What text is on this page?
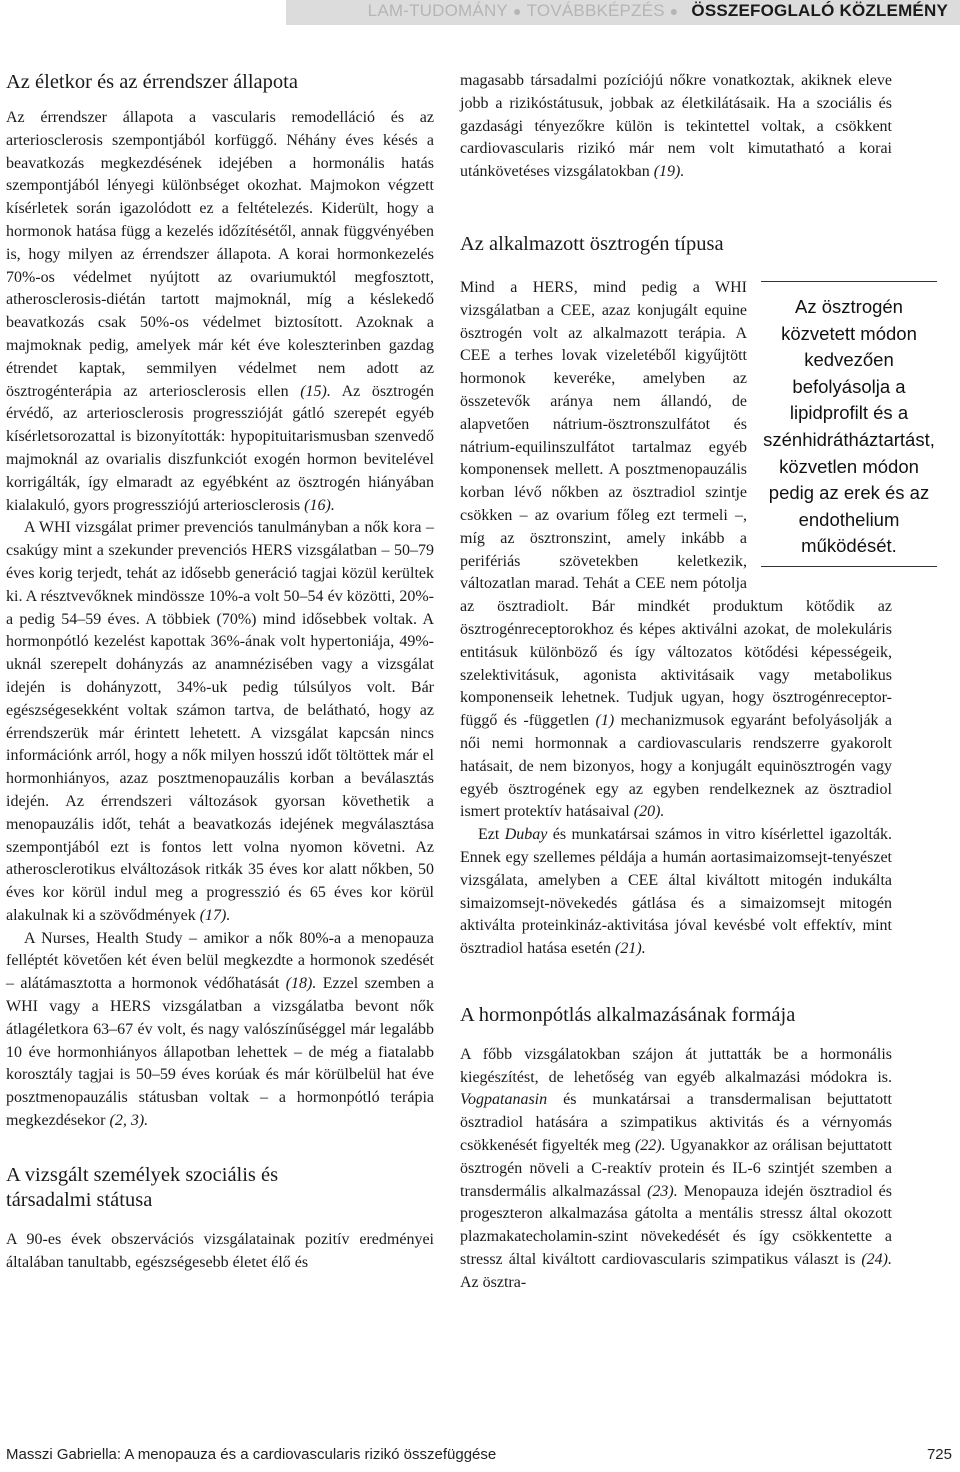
LAM-TUDOMÁNY ● TOVÁBBKÉPZÉS ● ÖSSZEFOGLALÓ KÖZLEMÉNY
Az életkor és az érrendszer állapota

Az érrendszer állapota a vascularis remodelláció és az arteriosclerosis szempontjából korfüggő. Néhány éves késés a beavatkozás megkezdésének idejében a hormonális hatás szempontjából lényegi különbséget okozhat. Majmokon végzett kísérletek során igazolódott ez a feltételezés. Kiderült, hogy a hormonok hatása függ a kezelés időzítésétől, annak függvényében is, hogy milyen az érrendszer állapota. A korai hormonkezelés 70%-os védelmet nyújtott az ovariumuktól megfosztott, atherosclerosis-diétán tartott majmoknál, míg a késlekedő beavatkozás csak 50%-os védelmet biztosított. Azoknak a majmoknak pedig, amelyek már két éve koleszterinben gazdag étrendet kaptak, semmilyen védelmet nem adott az ösztrogénterápia az arteriosclerosis ellen (15). Az ösztrogén érvédő, az arteriosclerosis progresszióját gátló szerepét egyéb kísérletsorozattal is bizonyították: hypopituitarismusban szenvedő majmoknál az ovarialis diszfunkciót exogén hormon bevitelével korrigálták, így elmaradt az egyébként az ösztrogén hiányában kialakuló, gyors progressziójú arteriosclerosis (16).

A WHI vizsgálat primer prevenciós tanulmányban a nők kora – csakúgy mint a szekunder prevenciós HERS vizsgálatban – 50–79 éves korig terjedt, tehát az idősebb generáció tagjai közül kerültek ki. A résztvevőknek mindössze 10%-a volt 50–54 év közötti, 20%-a pedig 54–59 éves. A többiek (70%) mind idősebbek voltak. A hormonpótló kezelést kapottak 36%-ának volt hypertoniája, 49%-uknál szerepelt dohányzás az anamnézisében vagy a vizsgálat idején is dohányzott, 34%-uk pedig túlsúlyos volt. Bár egészségesekként voltak számon tartva, de belátható, hogy az érrendszerük már érintett lehetett. A vizsgálat kapcsán nincs információnk arról, hogy a nők milyen hosszú időt töltöttek már el hormonhiányos, azaz posztmenopauzális korban a beválasztás idején. Az érrendszeri változások gyorsan követhetik a menopauzális időt, tehát a beavatkozás idejének megválasztása szempontjából ezt is fontos lett volna nyomon követni. Az atherosclerotikus elváltozások ritkák 35 éves kor alatt nőkben, 50 éves kor körül indul meg a progresszió és 65 éves kor körül alakulnak ki a szövődmények (17).

A Nurses, Health Study – amikor a nők 80%-a a menopauza felléptét követően két éven belül megkezdte a hormonok szedését – alátámasztotta a hormonok védőhatását (18). Ezzel szemben a WHI vagy a HERS vizsgálatban a vizsgálatba bevont nők átlagéletkora 63–67 év volt, és nagy valószínűséggel már legalább 10 éve hormonhiányos állapotban lehettek – de még a fiatalabb korosztály tagjai is 50–59 éves korúak és már körülbelül hat éve posztmenopauzális státusban voltak – a hormonpótló terápia megkezdésekor (2, 3).

A vizsgált személyek szociális és társadalmi státusa

A 90-es évek obszervációs vizsgálatainak pozitív eredményei általában tanultabb, egészségesebb életet élő és

magasabb társadalmi pozíciójú nőkre vonatkoztak, akiknek eleve jobb a rizikóstátusuk, jobbak az életkilátásaik. Ha a szociális és gazdasági tényezőkre külön is tekintettel voltak, a csökkent cardiovascularis rizikó már nem volt kimutatható a korai utánkövetéses vizsgálatokban (19).

Az alkalmazott ösztrogén típusa

Az ösztrogén közvetett módon kedvezően befolyásolja a lipidprofilt és a szénhidrátháztartást, közvetlen módon pedig az erek és az endothelium működését.
Mind a HERS, mind pedig a WHI vizsgálatban a CEE, azaz konjugált equine ösztrogén volt az alkalmazott terápia. A CEE a terhes lovak vizeletéből kigyűjtött hormonok keveréke, amelyben az összetevők aránya nem állandó, de alapvetően nátrium-ösztronszulfátot és nátrium-equilinszulfátot tartalmaz egyéb komponensek mellett. A posztmenopauzális korban lévő nőkben az ösztradiol szintje csökken – az ovarium főleg ezt termeli –, míg az ösztronszint, amely inkább a perifériás szövetekben keletkezik, változatlan marad. Tehát a CEE nem pótolja az ösztradiolt. Bár mindkét produktum kötődik az ösztrogénreceptorokhoz és képes aktiválni azokat, de molekuláris entitásuk különböző és így változatos kötődési képességeik, szelektivitásuk, agonista aktivitásaik vagy metabolikus komponenseik lehetnek. Tudjuk ugyan, hogy ösztrogénreceptor-függő és -független (1) mechanizmusok egyaránt befolyásolják a női nemi hormonnak a cardiovascularis rendszerre gyakorolt hatásait, de nem bizonyos, hogy a konjugált equinösztrogén vagy egyéb ösztrogének egy az egyben rendelkeznek az ösztradiol ismert protektív hatásaival (20).

Ezt Dubay és munkatársai számos in vitro kísérlettel igazolták. Ennek egy szellemes példája a humán aortasimaizomsejt-tenyészet vizsgálata, amelyben a CEE által kiváltott mitogén indukálta simaizomsejt-növekedés gátlása és a simaizomsejt mitogén aktiválta proteinkináz-aktivitása jóval kevésbé volt effektív, mint ösztradiol hatása esetén (21).

A hormonpótlás alkalmazásának formája

A főbb vizsgálatokban szájon át juttatták be a hormonális kiegészítést, de lehetőség van egyéb alkalmazási módokra is. Vogpatanasin és munkatársai a transdermalisan bejuttatott ösztradiol hatására a szimpatikus aktivitás és a vérnyomás csökkenését figyelték meg (22). Ugyanakkor az orálisan bejuttatott ösztrogén növeli a C-reaktív protein és IL-6 szintjét szemben a transdermális alkalmazással (23). Menopauza idején ösztradiol és progeszteron alkalmazása gátolta a mentális stressz által okozott plazmakatecholamin-szint növekedését és így csökkentette a stressz által kiváltott cardiovascularis szimpatikus választ is (24). Az ösztra-

Masszi Gabriella: A menopauza és a cardiovascularis rizikó összefüggése	725
